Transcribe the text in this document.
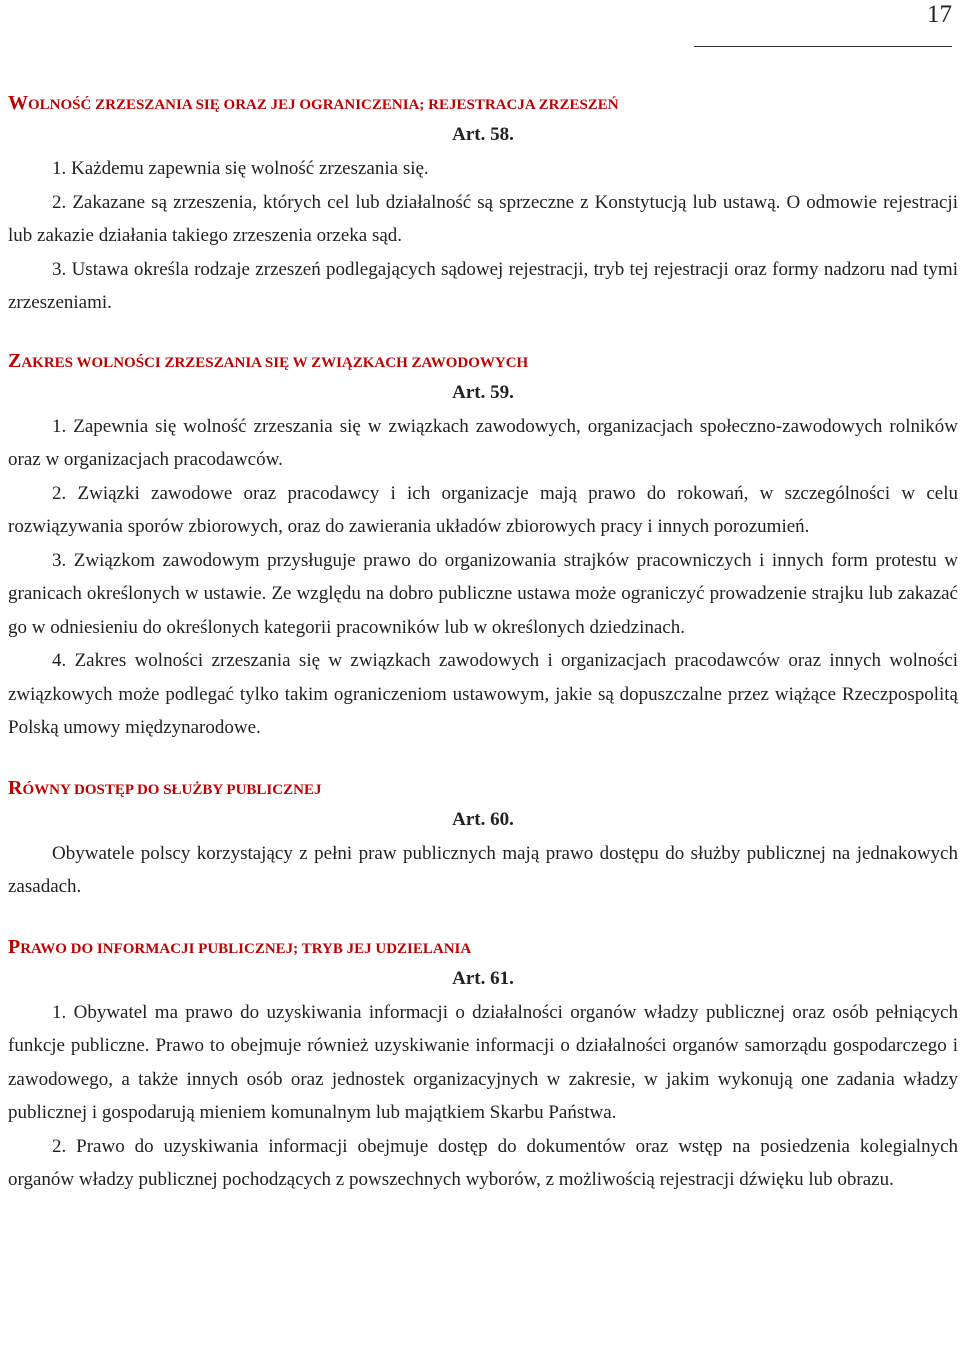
17
WOLNOŚĆ ZRZESZANIA SIĘ ORAZ JEJ OGRANICZENIA; REJESTRACJA ZRZESZEŃ
Art. 58.

1. Każdemu zapewnia się wolność zrzeszania się.

2. Zakazane są zrzeszenia, których cel lub działalność są sprzeczne z Konstytucją lub ustawą. O odmowie rejestracji lub zakazie działania takiego zrzeszenia orzeka sąd.

3. Ustawa określa rodzaje zrzeszeń podlegających sądowej rejestracji, tryb tej rejestracji oraz formy nadzoru nad tymi zrzeszeniami.

ZAKRES WOLNOŚCI ZRZESZANIA SIĘ W ZWIĄZKACH ZAWODOWYCH
Art. 59.

1. Zapewnia się wolność zrzeszania się w związkach zawodowych, organizacjach społeczno-zawodowych rolników oraz w organizacjach pracodawców.

2. Związki zawodowe oraz pracodawcy i ich organizacje mają prawo do rokowań, w szczególności w celu rozwiązywania sporów zbiorowych, oraz do zawierania układów zbiorowych pracy i innych porozumień.

3. Związkom zawodowym przysługuje prawo do organizowania strajków pracowniczych i innych form protestu w granicach określonych w ustawie. Ze względu na dobro publiczne ustawa może ograniczyć prowadzenie strajku lub zakazać go w odniesieniu do określonych kategorii pracowników lub w określonych dziedzinach.

4. Zakres wolności zrzeszania się w związkach zawodowych i organizacjach pracodawców oraz innych wolności związkowych może podlegać tylko takim ograniczeniom ustawowym, jakie są dopuszczalne przez wiążące Rzeczpospolitą Polską umowy międzynarodowe.

RÓWNY DOSTĘP DO SŁUŻBY PUBLICZNEJ
Art. 60.

Obywatele polscy korzystający z pełni praw publicznych mają prawo dostępu do służby publicznej na jednakowych zasadach.

PRAWO DO INFORMACJI PUBLICZNEJ; TRYB JEJ UDZIELANIA
Art. 61.

1. Obywatel ma prawo do uzyskiwania informacji o działalności organów władzy publicznej oraz osób pełniących funkcje publiczne. Prawo to obejmuje również uzyskiwanie informacji o działalności organów samorządu gospodarczego i zawodowego, a także innych osób oraz jednostek organizacyjnych w zakresie, w jakim wykonują one zadania władzy publicznej i gospodarują mieniem komunalnym lub majątkiem Skarbu Państwa.

2. Prawo do uzyskiwania informacji obejmuje dostęp do dokumentów oraz wstęp na posiedzenia kolegialnych organów władzy publicznej pochodzących z powszechnych wyborów, z możliwością rejestracji dźwięku lub obrazu.
